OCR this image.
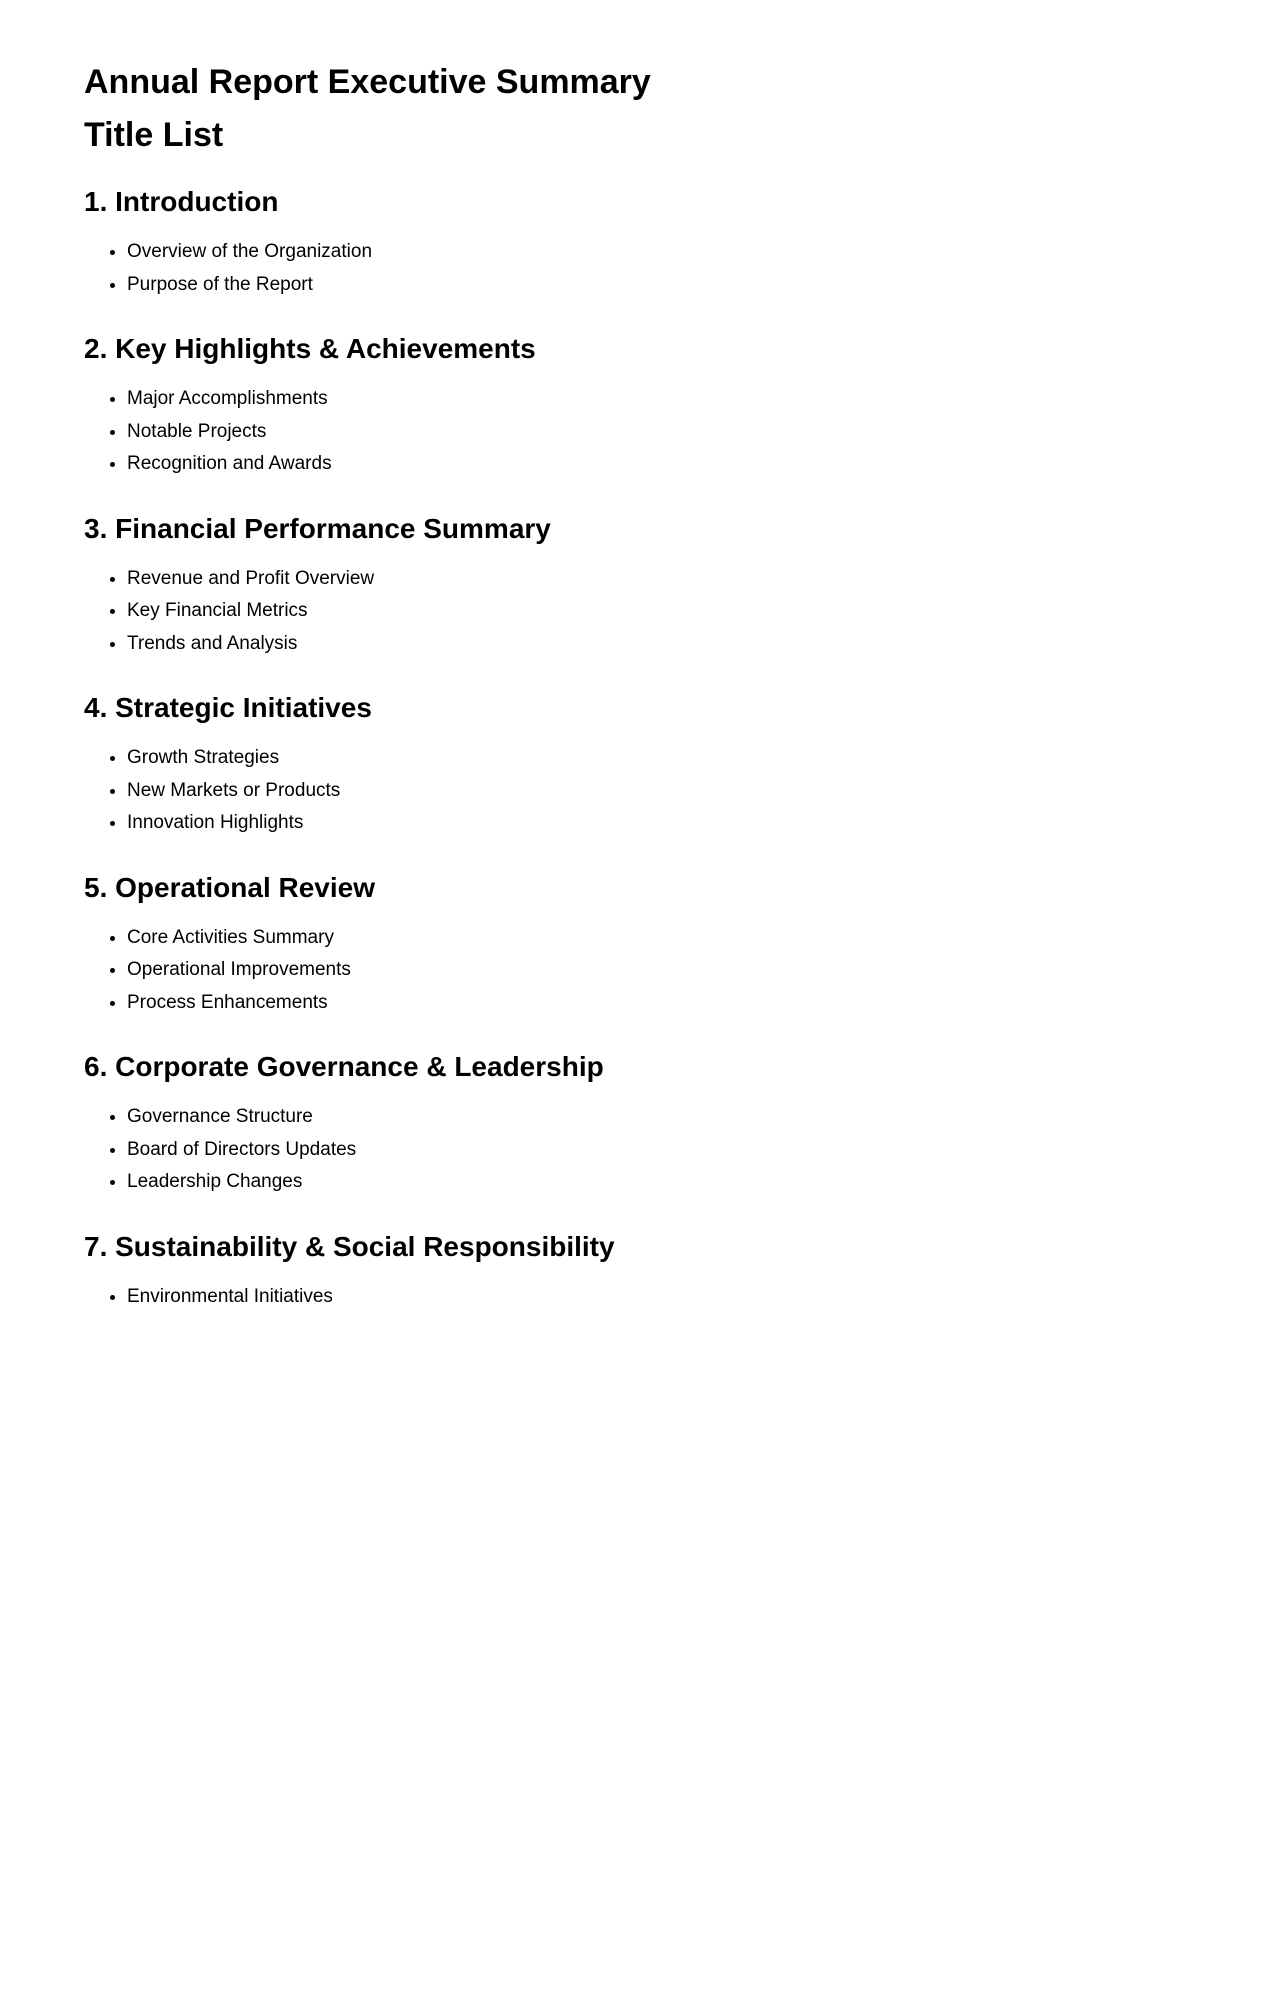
Annual Report Executive Summary
Title List
1. Introduction
• Overview of the Organization
• Purpose of the Report
2. Key Highlights & Achievements
• Major Accomplishments
• Notable Projects
• Recognition and Awards
3. Financial Performance Summary
• Revenue and Profit Overview
• Key Financial Metrics
• Trends and Analysis
4. Strategic Initiatives
• Growth Strategies
• New Markets or Products
• Innovation Highlights
5. Operational Review
• Core Activities Summary
• Operational Improvements
• Process Enhancements
6. Corporate Governance & Leadership
• Governance Structure
• Board of Directors Updates
• Leadership Changes
7. Sustainability & Social Responsibility
• Environmental Initiatives
